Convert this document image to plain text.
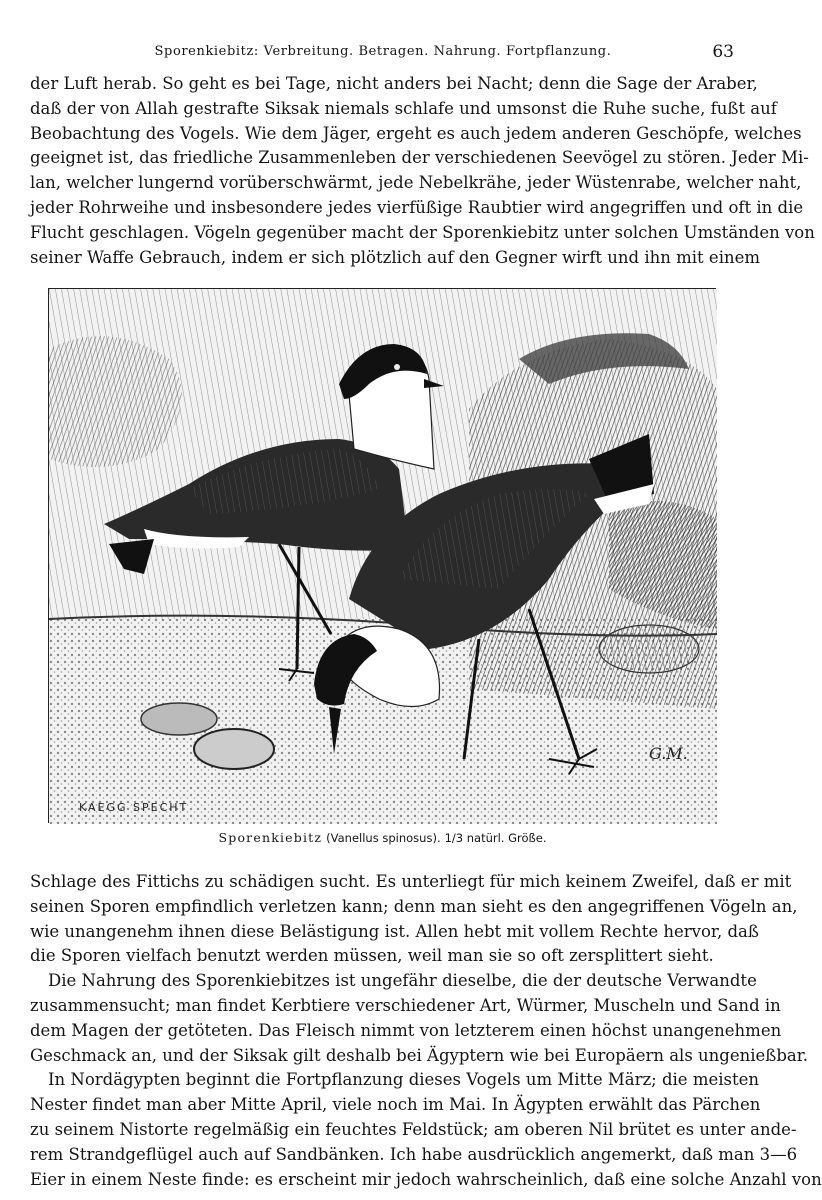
Sporenkiebitz: Verbreitung. Betragen. Nahrung. Fortpflanzung.	63
der Luft herab. So geht es bei Tage, nicht anders bei Nacht; denn die Sage der Araber,
daß der von Allah gestrafte Siksak niemals schlafe und umsonst die Ruhe suche, fußt auf
Beobachtung des Vogels. Wie dem Jäger, ergeht es auch jedem anderen Geschöpfe, welches
geeignet ist, das friedliche Zusammenleben der verschiedenen Seevögel zu stören. Jeder Mi-
lan, welcher lungernd vorüberschwärmt, jede Nebelkrähe, jeder Wüstenrabe, welcher naht,
jeder Rohrweihe und insbesondere jedes vierfüßige Raubtier wird angegriffen und oft in die
Flucht geschlagen. Vögeln gegenüber macht der Sporenkiebitz unter solchen Umständen von
seiner Waffe Gebrauch, indem er sich plötzlich auf den Gegner wirft und ihn mit einem
KAEGG SPECHT
G.M.
Sporenkiebitz (Vanellus spinosus). 1/3 natürl. Größe.
Schlage des Fittichs zu schädigen sucht. Es unterliegt für mich keinem Zweifel, daß er mit
seinen Sporen empfindlich verletzen kann; denn man sieht es den angegriffenen Vögeln an,
wie unangenehm ihnen diese Belästigung ist. Allen hebt mit vollem Rechte hervor, daß
die Sporen vielfach benutzt werden müssen, weil man sie so oft zersplittert sieht.
Die Nahrung des Sporenkiebitzes ist ungefähr dieselbe, die der deutsche Verwandte
zusammensucht; man findet Kerbtiere verschiedener Art, Würmer, Muscheln und Sand in
dem Magen der getöteten. Das Fleisch nimmt von letzterem einen höchst unangenehmen
Geschmack an, und der Siksak gilt deshalb bei Ägyptern wie bei Europäern als ungenießbar.
In Nordägypten beginnt die Fortpflanzung dieses Vogels um Mitte März; die meisten
Nester findet man aber Mitte April, viele noch im Mai. In Ägypten erwählt das Pärchen
zu seinem Nistorte regelmäßig ein feuchtes Feldstück; am oberen Nil brütet es unter ande-
rem Strandgeflügel auch auf Sandbänken. Ich habe ausdrücklich angemerkt, daß man 3—6
Eier in einem Neste finde: es erscheint mir jedoch wahrscheinlich, daß eine solche Anzahl von
